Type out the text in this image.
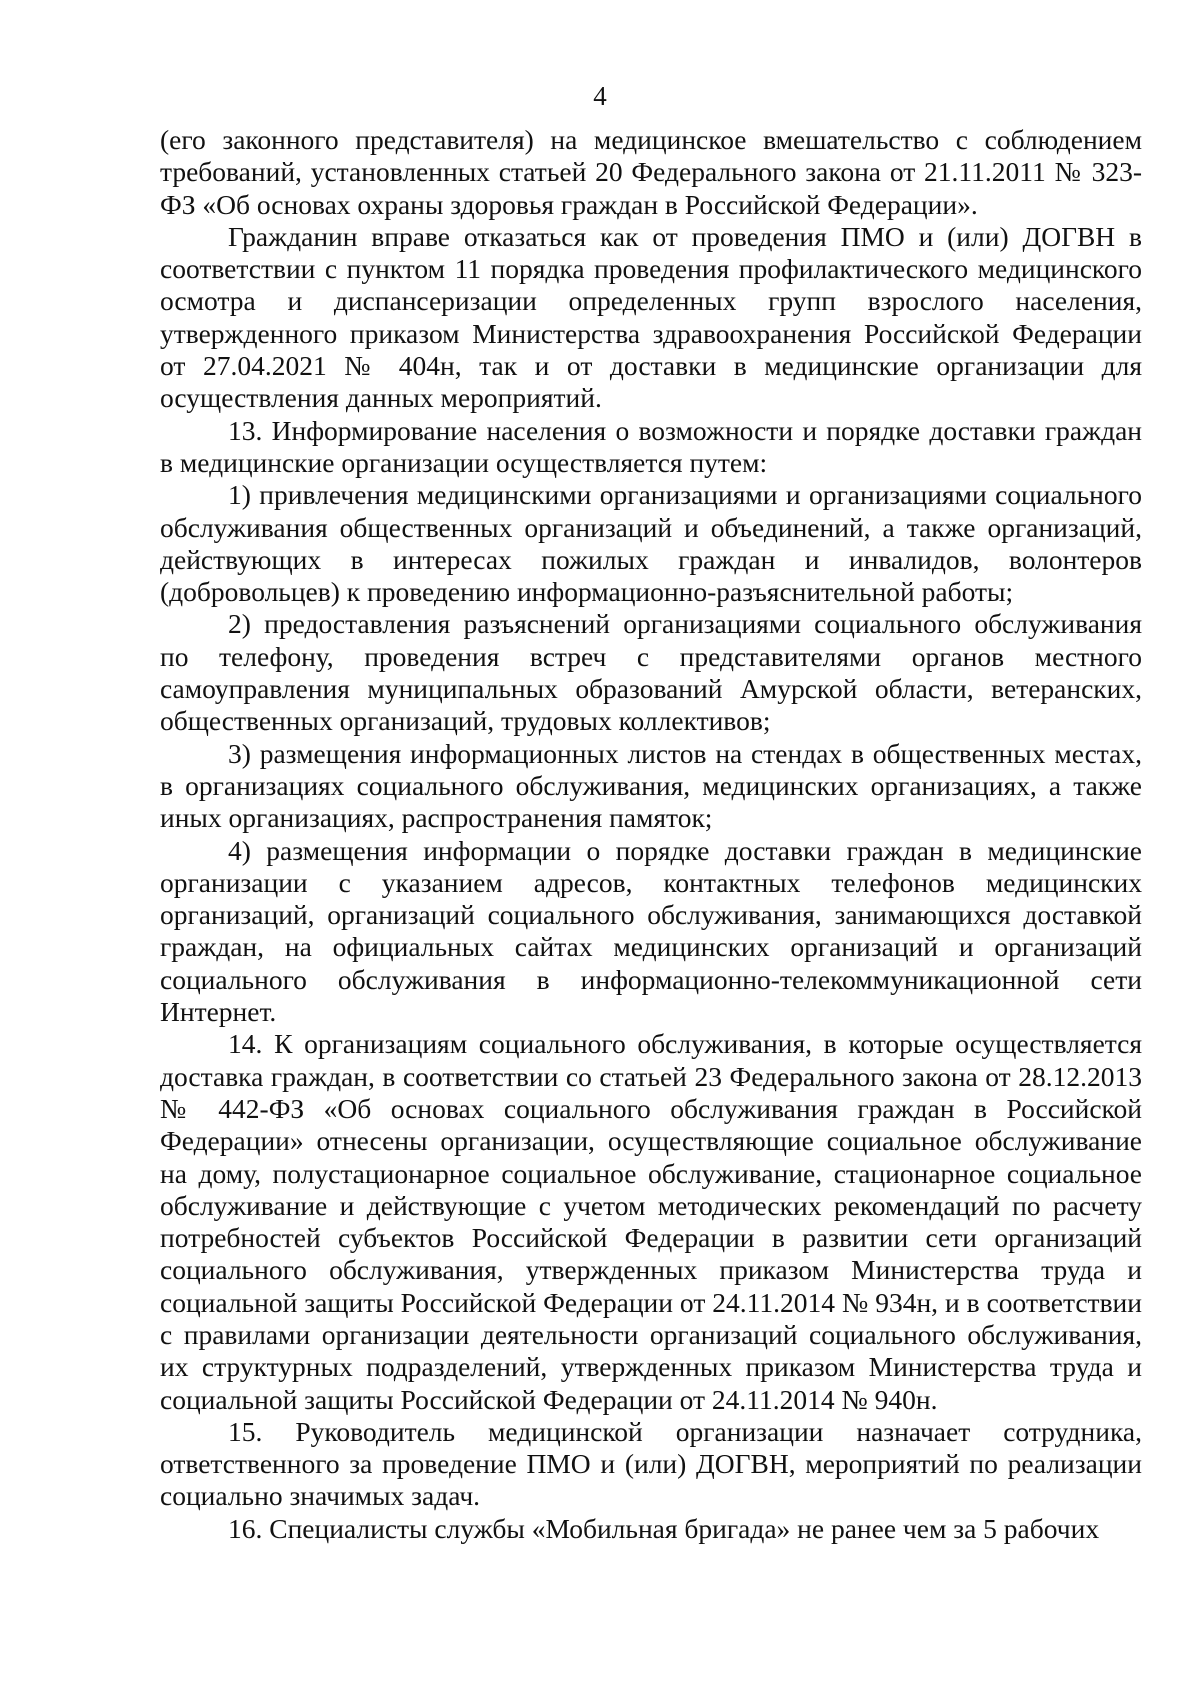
4

(его законного представителя) на медицинское вмешательство с соблюдением требований, установленных статьей 20 Федерального закона от 21.11.2011 № 323-ФЗ «Об основах охраны здоровья граждан в Российской Федерации».

Гражданин вправе отказаться как от проведения ПМО и (или) ДОГВН в соответствии с пунктом 11 порядка проведения профилактического медицинского осмотра и диспансеризации определенных групп взрослого населения, утвержденного приказом Министерства здравоохранения Российской Федерации от 27.04.2021 № 404н, так и от доставки в медицинские организации для осуществления данных мероприятий.

13. Информирование населения о возможности и порядке доставки граждан в медицинские организации осуществляется путем:

1) привлечения медицинскими организациями и организациями социального обслуживания общественных организаций и объединений, а также организаций, действующих в интересах пожилых граждан и инвалидов, волонтеров (добровольцев) к проведению информационно-разъяснительной работы;

2) предоставления разъяснений организациями социального обслуживания по телефону, проведения встреч с представителями органов местного самоуправления муниципальных образований Амурской области, ветеранских, общественных организаций, трудовых коллективов;

3) размещения информационных листов на стендах в общественных местах, в организациях социального обслуживания, медицинских организациях, а также иных организациях, распространения памяток;

4) размещения информации о порядке доставки граждан в медицинские организации с указанием адресов, контактных телефонов медицинских организаций, организаций социального обслуживания, занимающихся доставкой граждан, на официальных сайтах медицинских организаций и организаций социального обслуживания в информационно-телекоммуникационной сети Интернет.

14. К организациям социального обслуживания, в которые осуществляется доставка граждан, в соответствии со статьей 23 Федерального закона от 28.12.2013 № 442-ФЗ «Об основах социального обслуживания граждан в Российской Федерации» отнесены организации, осуществляющие социальное обслуживание на дому, полустационарное социальное обслуживание, стационарное социальное обслуживание и действующие с учетом методических рекомендаций по расчету потребностей субъектов Российской Федерации в развитии сети организаций социального обслуживания, утвержденных приказом Министерства труда и социальной защиты Российской Федерации от 24.11.2014 № 934н, и в соответствии с правилами организации деятельности организаций социального обслуживания, их структурных подразделений, утвержденных приказом Министерства труда и социальной защиты Российской Федерации от 24.11.2014 № 940н.

15. Руководитель медицинской организации назначает сотрудника, ответственного за проведение ПМО и (или) ДОГВН, мероприятий по реализации социально значимых задач.

16. Специалисты службы «Мобильная бригада» не ранее чем за 5 рабочих
